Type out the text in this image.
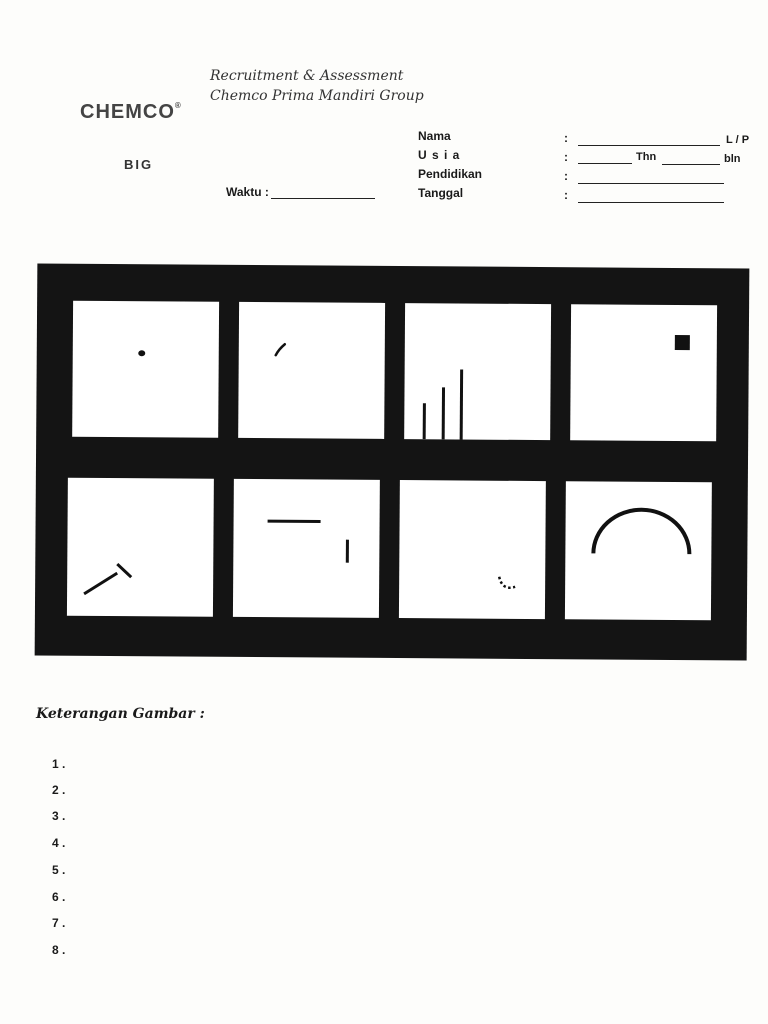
Recruitment & Assessment
Chemco Prima Mandiri Group
CHEMCO®
BIG
Waktu :
Nama
U s i a
Pendidikan
Tanggal
:
:
:
:
L / P
Thn	bln
Keterangan Gambar :
1 .
2 .
3 .
4 .
5 .
6 .
7 .
8 .
